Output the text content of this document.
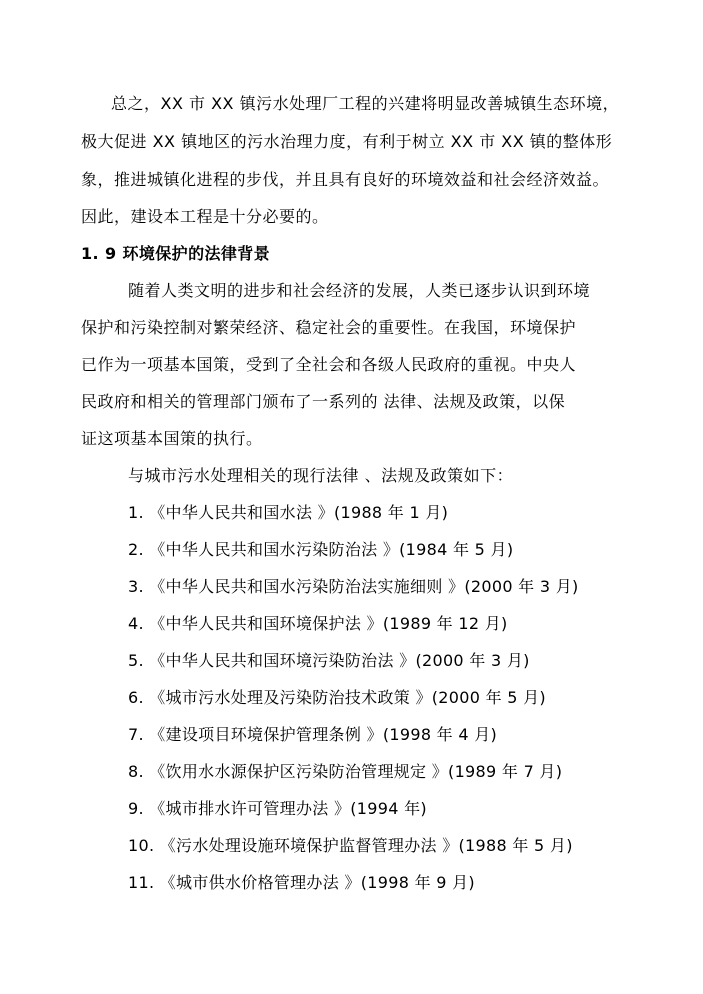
总之，XX 市 XX 镇污水处理厂工程的兴建将明显改善城镇生态环境，
极大促进 XX 镇地区的污水治理力度，有利于树立 XX 市 XX 镇的整体形
象，推进城镇化进程的步伐，并且具有良好的环境效益和社会经济效益。
因此，建设本工程是十分必要的。
1. 9 环境保护的法律背景
随着人类文明的进步和社会经济的发展，人类已逐步认识到环境
保护和污染控制对繁荣经济、稳定社会的重要性。在我国，环境保护
已作为一项基本国策，受到了全社会和各级人民政府的重视。中央人
民政府和相关的管理部门颁布了一系列的 法律、法规及政策，以保
证这项基本国策的执行。
与城市污水处理相关的现行法律 、法规及政策如下：
1. 《中华人民共和国水法 》(1988 年 1 月)
2. 《中华人民共和国水污染防治法 》(1984 年 5 月)
3. 《中华人民共和国水污染防治法实施细则 》(2000 年 3 月)
4. 《中华人民共和国环境保护法 》(1989 年 12 月)
5. 《中华人民共和国环境污染防治法 》(2000 年 3 月)
6. 《城市污水处理及污染防治技术政策 》(2000 年 5 月)
7. 《建设项目环境保护管理条例 》(1998 年 4 月)
8. 《饮用水水源保护区污染防治管理规定 》(1989 年 7 月)
9. 《城市排水许可管理办法 》(1994 年)
10. 《污水处理设施环境保护监督管理办法 》(1988 年 5 月)
11. 《城市供水价格管理办法 》(1998 年 9 月)
